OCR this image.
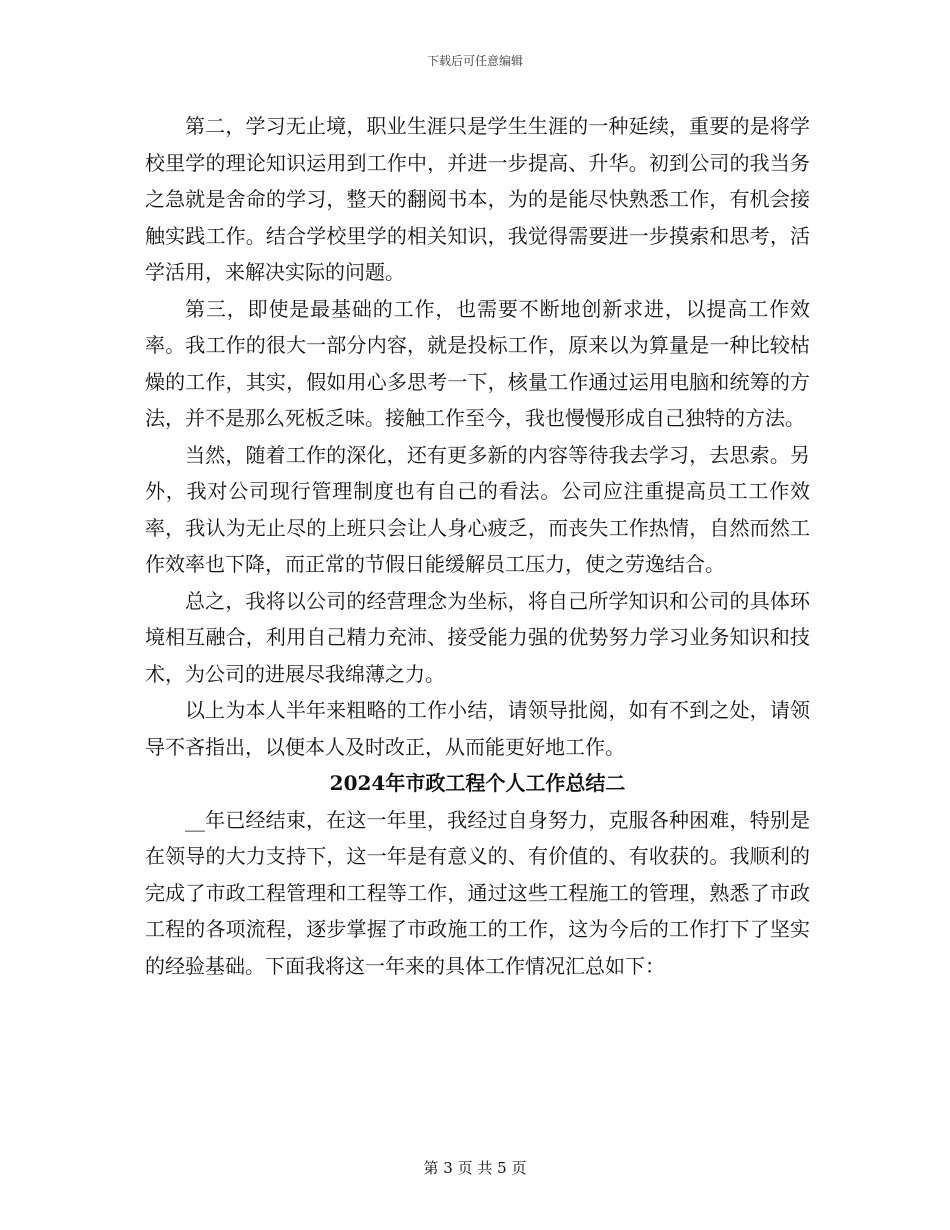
下载后可任意编辑

第二，学习无止境，职业生涯只是学生生涯的一种延续，重要的是将学校里学的理论知识运用到工作中，并进一步提高、升华。初到公司的我当务之急就是舍命的学习，整天的翻阅书本，为的是能尽快熟悉工作，有机会接触实践工作。结合学校里学的相关知识，我觉得需要进一步摸索和思考，活学活用，来解决实际的问题。

第三，即使是最基础的工作，也需要不断地创新求进，以提高工作效率。我工作的很大一部分内容，就是投标工作，原来以为算量是一种比较枯燥的工作，其实，假如用心多思考一下，核量工作通过运用电脑和统筹的方法，并不是那么死板乏味。接触工作至今，我也慢慢形成自己独特的方法。

当然，随着工作的深化，还有更多新的内容等待我去学习，去思索。另外，我对公司现行管理制度也有自己的看法。公司应注重提高员工工作效率，我认为无止尽的上班只会让人身心疲乏，而丧失工作热情，自然而然工作效率也下降，而正常的节假日能缓解员工压力，使之劳逸结合。

总之，我将以公司的经营理念为坐标，将自己所学知识和公司的具体环境相互融合，利用自己精力充沛、接受能力强的优势努力学习业务知识和技术，为公司的进展尽我绵薄之力。

以上为本人半年来粗略的工作小结，请领导批阅，如有不到之处，请领导不吝指出，以便本人及时改正，从而能更好地工作。

2024年市政工程个人工作总结二

__年已经结束，在这一年里，我经过自身努力，克服各种困难，特别是在领导的大力支持下，这一年是有意义的、有价值的、有收获的。我顺利的完成了市政工程管理和工程等工作，通过这些工程施工的管理，熟悉了市政工程的各项流程，逐步掌握了市政施工的工作，这为今后的工作打下了坚实的经验基础。下面我将这一年来的具体工作情况汇总如下：

第 3 页 共 5 页
